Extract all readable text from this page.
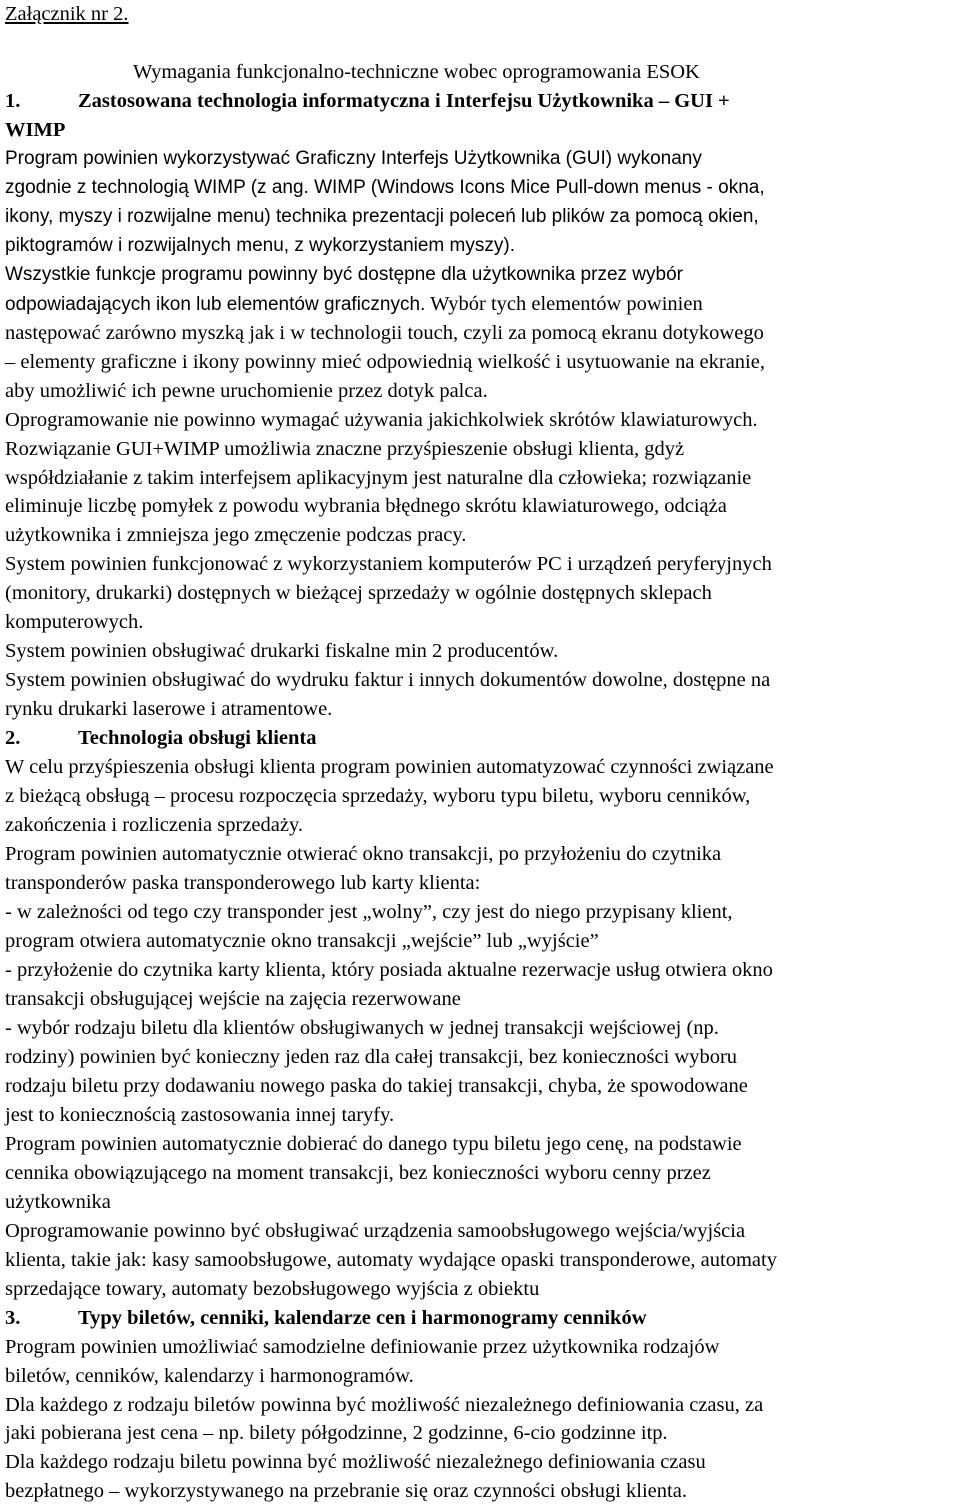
Załącznik nr 2.
Wymagania funkcjonalno-techniczne wobec oprogramowania ESOK
1.	Zastosowana technologia informatyczna i Interfejsu Użytkownika – GUI +
WIMP
Program powinien wykorzystywać Graficzny Interfejs Użytkownika (GUI) wykonany
zgodnie z technologią WIMP (z ang. WIMP (Windows Icons Mice Pull-down menus - okna,
ikony, myszy i rozwijalne menu) technika prezentacji poleceń lub plików za pomocą okien,
piktogramów i rozwijalnych menu, z wykorzystaniem myszy).
Wszystkie funkcje programu powinny być dostępne dla użytkownika przez wybór
odpowiadających ikon lub elementów graficznych. Wybór tych elementów powinien
następować zarówno myszką jak i w technologii touch, czyli za pomocą ekranu dotykowego
– elementy graficzne i ikony powinny mieć odpowiednią wielkość i usytuowanie na ekranie,
aby umożliwić ich pewne uruchomienie przez dotyk palca.
Oprogramowanie nie powinno wymagać używania jakichkolwiek skrótów klawiaturowych.
Rozwiązanie GUI+WIMP umożliwia znaczne przyśpieszenie obsługi klienta, gdyż
współdziałanie z takim interfejsem aplikacyjnym jest naturalne dla człowieka; rozwiązanie
eliminuje liczbę pomyłek z powodu wybrania błędnego skrótu klawiaturowego, odciąża
użytkownika i zmniejsza jego zmęczenie podczas pracy.
System powinien funkcjonować z wykorzystaniem komputerów PC i urządzeń peryferyjnych
(monitory, drukarki) dostępnych w bieżącej sprzedaży w ogólnie dostępnych sklepach
komputerowych.
System powinien obsługiwać drukarki fiskalne min 2 producentów.
System powinien obsługiwać do wydruku faktur i innych dokumentów dowolne, dostępne na
rynku drukarki laserowe i atramentowe.
2.	Technologia obsługi klienta
W celu przyśpieszenia obsługi klienta program powinien automatyzować czynności związane
z bieżącą obsługą – procesu rozpoczęcia sprzedaży, wyboru typu biletu, wyboru cenników,
zakończenia i rozliczenia sprzedaży.
Program powinien automatycznie otwierać okno transakcji, po przyłożeniu do czytnika
transponderów paska transponderowego lub karty klienta:
- w zależności od tego czy transponder jest „wolny”, czy jest do niego przypisany klient,
program otwiera automatycznie okno transakcji „wejście” lub „wyjście”
- przyłożenie do czytnika karty klienta, który posiada aktualne rezerwacje usług otwiera okno
transakcji obsługującej wejście na zajęcia rezerwowane
- wybór rodzaju biletu dla klientów obsługiwanych w jednej transakcji wejściowej (np.
rodziny) powinien być konieczny jeden raz dla całej transakcji, bez konieczności wyboru
rodzaju biletu przy dodawaniu nowego paska do takiej transakcji, chyba, że spowodowane
jest to koniecznością zastosowania innej taryfy.
Program powinien automatycznie dobierać do danego typu biletu jego cenę, na podstawie
cennika obowiązującego na moment transakcji, bez konieczności wyboru cenny przez
użytkownika
Oprogramowanie powinno być obsługiwać urządzenia samoobsługowego wejścia/wyjścia
klienta, takie jak: kasy samoobsługowe, automaty wydające opaski transponderowe, automaty
sprzedające towary, automaty bezobsługowego wyjścia z obiektu
3.	Typy biletów, cenniki, kalendarze cen i harmonogramy cenników
Program powinien umożliwiać samodzielne definiowanie przez użytkownika rodzajów
biletów, cenników, kalendarzy i harmonogramów.
Dla każdego z rodzaju biletów powinna być możliwość niezależnego definiowania czasu, za
jaki pobierana jest cena – np. bilety półgodzinne, 2 godzinne, 6-cio godzinne itp.
Dla każdego rodzaju biletu powinna być możliwość niezależnego definiowania czasu
bezpłatnego – wykorzystywanego na przebranie się oraz czynności obsługi klienta.
